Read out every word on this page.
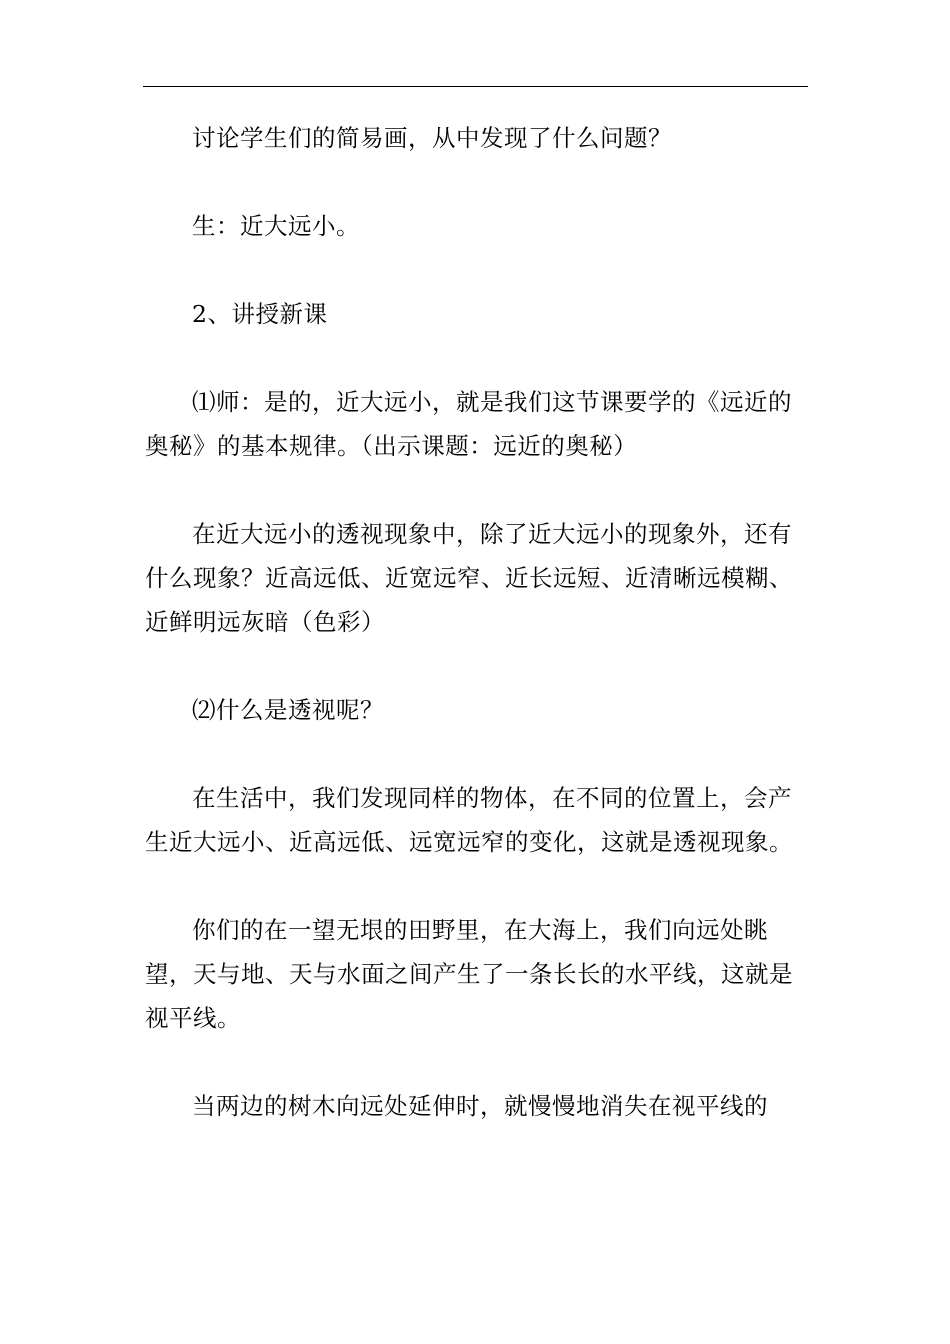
讨论学生们的简易画，从中发现了什么问题？

生：近大远小。

2、讲授新课

⑴师：是的，近大远小，就是我们这节课要学的《远近的奥秘》的基本规律。（出示课题：远近的奥秘）

在近大远小的透视现象中，除了近大远小的现象外，还有什么现象？近高远低、近宽远窄、近长远短、近清晰远模糊、近鲜明远灰暗（色彩）

⑵什么是透视呢？

在生活中，我们发现同样的物体，在不同的位置上，会产生近大远小、近高远低、远宽远窄的变化，这就是透视现象。

你们的在一望无垠的田野里，在大海上，我们向远处眺望，天与地、天与水面之间产生了一条长长的水平线，这就是视平线。

当两边的树木向远处延伸时，就慢慢地消失在视平线的
